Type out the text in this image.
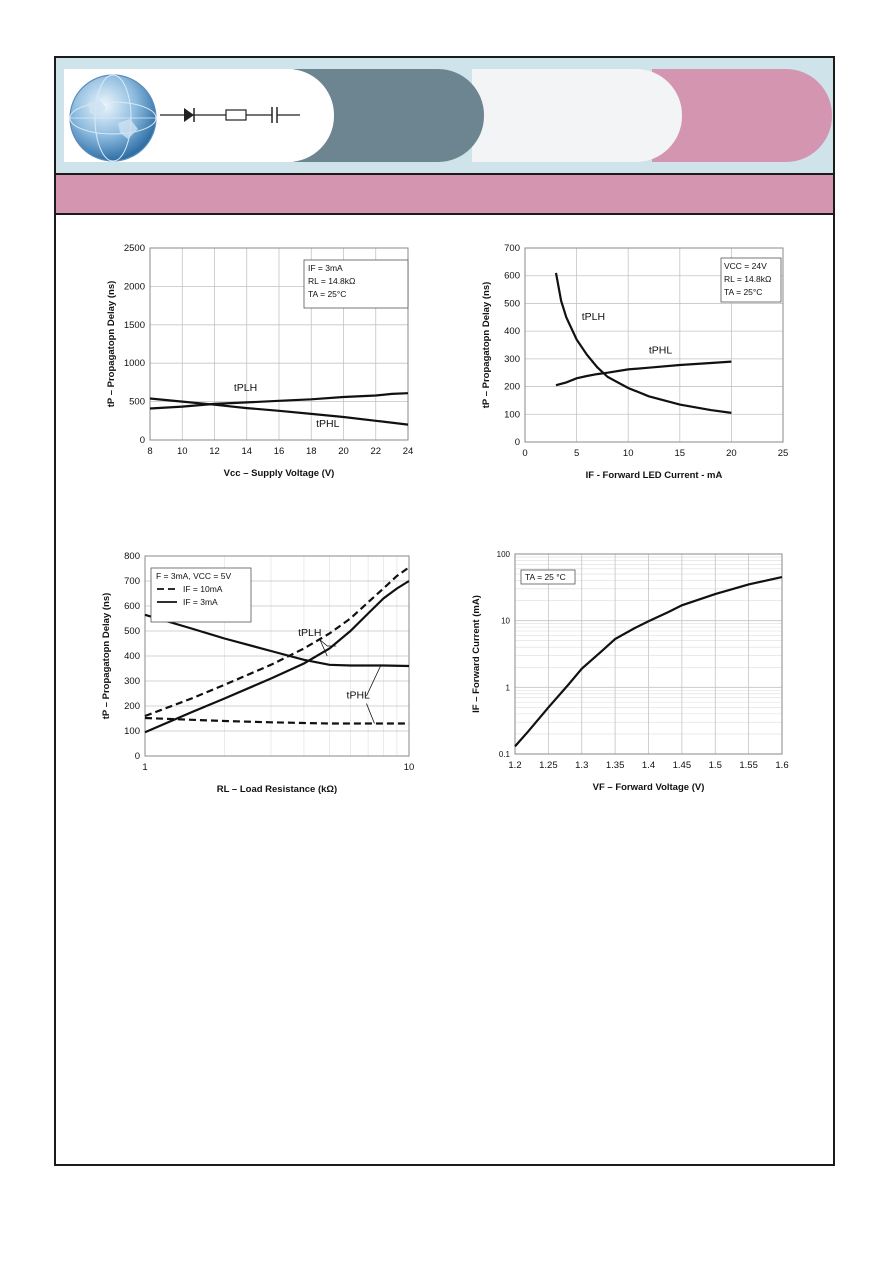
8	10 12 14 16 18 20 22 24
0
500
1000
1500
2000
2500
Vcc – Supply Voltage (V)
tP – Propagatopn Delay (ns)
IF = 3mA
RL = 14.8kΩ
TA = 25°C
tPLH
tPHL
0	5	10	15	20	25
0
100
200
300
400
500
600
700
IF - Forward LED Current - mA
tP – Propagatopn Delay (ns)
VCC = 24V
RL = 14.8kΩ
TA = 25°C
tPLH
tPHL
1	10
0
100
200
300
400
500
600
700
800
RL – Load Resistance (kΩ)
tP – Propagatopn Delay (ns)
F = 3mA, VCC = 5V
IF = 10mA
IF = 3mA
tPLH
tPHL
1.2 1.25 1.3 1.35 1.4 1.45 1.5 1.55 1.6
0.1
1
10
100
VF – Forward Voltage (V)
IF – Forward Current (mA)
TA = 25 °C
